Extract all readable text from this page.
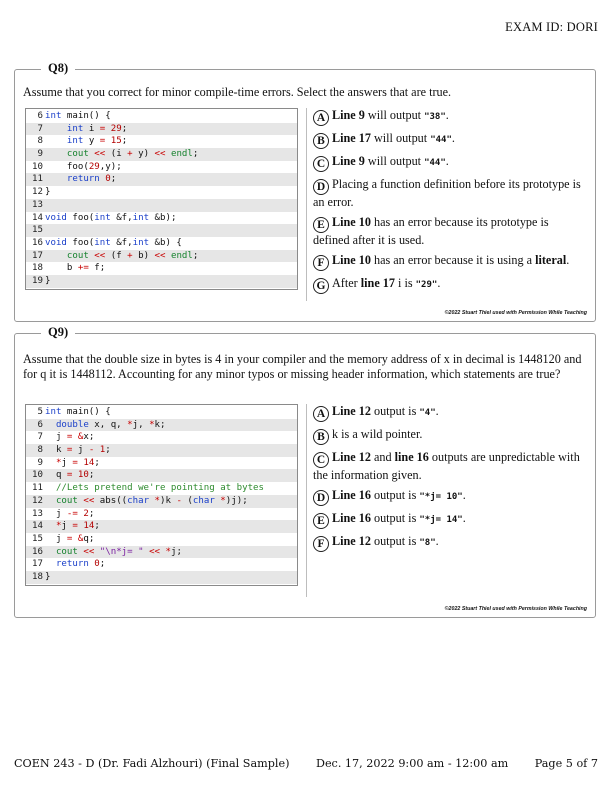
EXAM ID: DORI
Q8)
Assume that you correct for minor compile-time errors. Select the answers that are true.
6 int main() {
7	int i = 29;
8	int y = 15;
9	cout << (i + y) << endl;
10 foo(29,y);
11	return 0;
12 }
13
14 void foo(int &f,int &b);
15
16 void foo(int &f,int &b) {
17	cout << (f + b) << endl;
18 b += f;
19 }
A Line 9 will output "38".
B Line 17 will output "44".
C Line 9 will output "44".
D Placing a function definition before its prototype is an error.
E Line 10 has an error because its prototype is defined after it is used.
F Line 10 has an error because it is using a literal.
G After line 17 i is "29".
©2022 Stuart Thiel used with Permission While Teaching
Q9)
Assume that the double size in bytes is 4 in your compiler and the memory address of x in decimal is 1448120 and for q it is 1448112. Accounting for any minor typos or missing header information, which statements are true?
5 int main() {
6	double x, q, *j, *k;
7 j = &x;
8 k = j - 1;
9	*j = 14;
10 q = 10;
11	//Lets pretend we're pointing at bytes
12	cout << abs((char *)k - (char *)j);
13 j -= 2;
14	*j = 14;
15 j = &q;
16	cout << "\n*j= " << *j;
17	return 0;
18 }
A Line 12 output is "4".
B k is a wild pointer.
C Line 12 and line 16 outputs are unpredictable with the information given.
D Line 16 output is "*j= 10".
E Line 16 output is "*j= 14".
F Line 12 output is "8".
©2022 Stuart Thiel used with Permission While Teaching
COEN 243 - D (Dr. Fadi Alzhouri) (Final Sample) Dec. 17, 2022 9:00 am - 12:00 am Page 5 of 7
